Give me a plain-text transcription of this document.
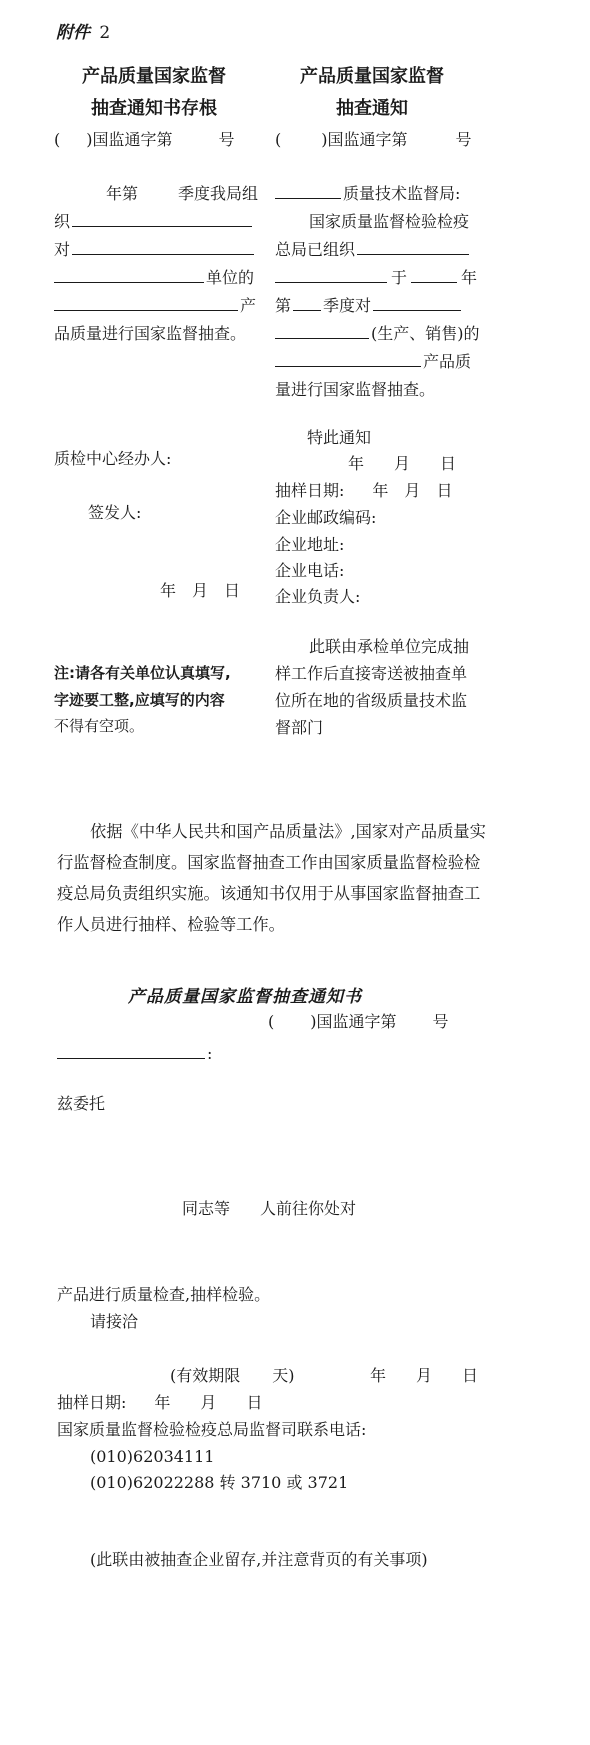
附件 2
产品质量国家监督
抽查通知书存根
( )国监通字第	号
年第	季度我局组
织
对
单位的
产
品质量进行国家监督抽查。
质检中心经办人:
签发人:
年 月 日
注:请各有关单位认真填写,
字迹要工整,应填写的内容
不得有空项。
产品质量国家监督
抽查通知
(	)国监通字第	号
质量技术监督局:
国家质量监督检验检疫
总局已组织
于	年
第 季度对
(生产、销售)的
产品质
量进行国家监督抽查。
特此通知
年 月 日
抽样日期: 年 月 日
企业邮政编码:
企业地址:
企业电话:
企业负责人:
此联由承检单位完成抽
样工作后直接寄送被抽查单
位所在地的省级质量技术监
督部门
依据《中华人民共和国产品质量法》,国家对产品质量实
行监督检查制度。国家监督抽查工作由国家质量监督检验检
疫总局负责组织实施。该通知书仅用于从事国家监督抽查工
作人员进行抽样、检验等工作。
产品质量国家监督抽查通知书
( )国监通字第 号
:
兹委托
同志等 人前往你处对
产品进行质量检查,抽样检验。
请接洽
(有效期限 天)	年 月 日
抽样日期: 年 月 日
国家质量监督检验检疫总局监督司联系电话:
(010)62034111
(010)62022288 转 3710 或 3721
(此联由被抽查企业留存,并注意背页的有关事项)
